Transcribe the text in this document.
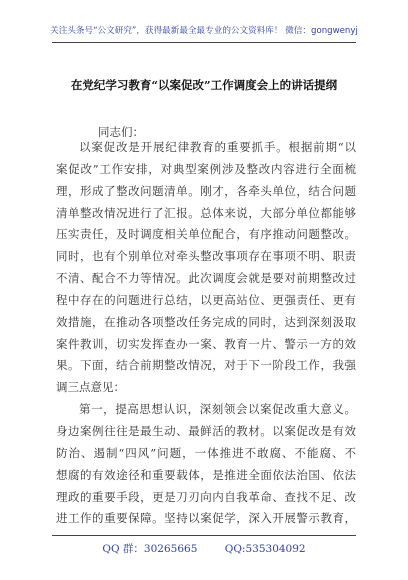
关注头条号“公文研究”，获得最新最全最专业的公文资料库！ 微信：gongwenyj
在党纪学习教育“以案促改”工作调度会上的讲话提纲
同志们：
以案促改是开展纪律教育的重要抓手。根据前期“以
案促改”工作安排，对典型案例涉及整改内容进行全面梳
理，形成了整改问题清单。刚才，各牵头单位，结合问题
清单整改情况进行了汇报。总体来说，大部分单位都能够
压实责任，及时调度相关单位配合，有序推动问题整改。
同时，也有个别单位对牵头整改事项存在事项不明、职责
不清、配合不力等情况。此次调度会就是要对前期整改过
程中存在的问题进行总结，以更高站位、更强责任、更有
效措施，在推动各项整改任务完成的同时，达到深刻汲取
案件教训，切实发挥查办一案、教育一片、警示一方的效
果。下面，结合前期整改情况，对于下一阶段工作，我强
调三点意见：
第一，提高思想认识，深刻领会以案促改重大意义。
身边案例往往是最生动、最鲜活的教材。以案促改是有效
防治、遏制“四风”问题，一体推进不敢腐、不能腐、不
想腐的有效途径和重要载体，是推进全面依法治国、依法
理政的重要手段，更是刀刃向内自我革命、查找不足、改
进工作的重要保障。坚持以案促学，深入开展警示教育，
QQ 群：30265665	QQ:535304092
